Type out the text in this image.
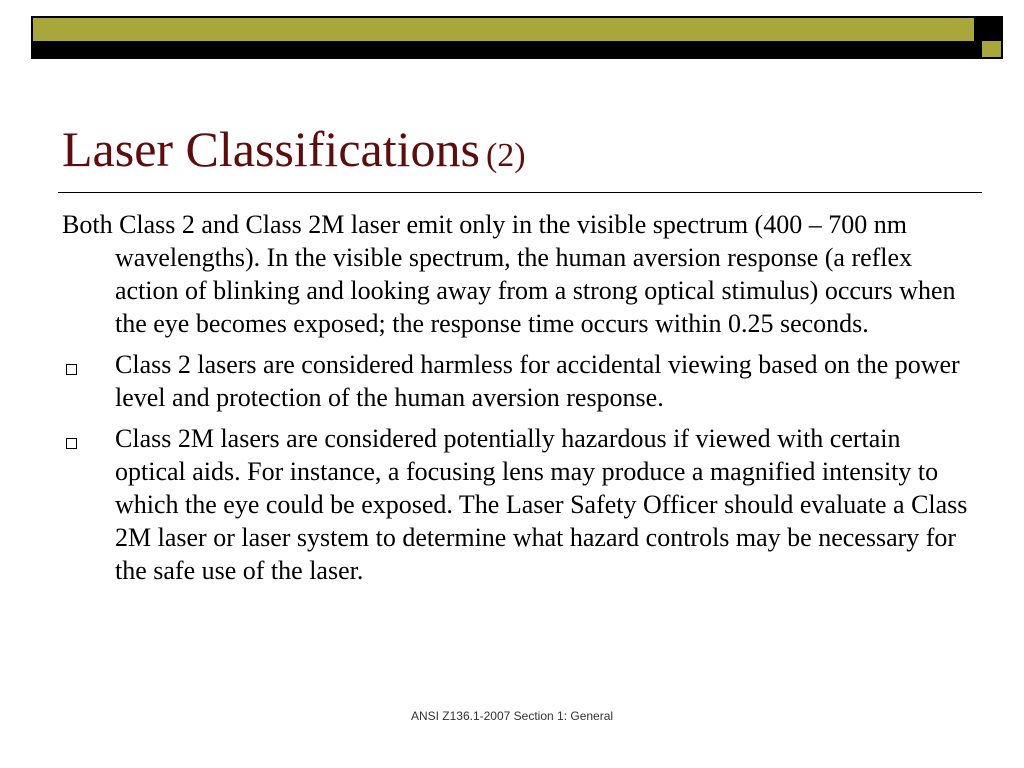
Laser Classifications (2)

Both Class 2 and Class 2M laser emit only in the visible spectrum (400 – 700 nm wavelengths). In the visible spectrum, the human aversion response (a reflex action of blinking and looking away from a strong optical stimulus) occurs when the eye becomes exposed; the response time occurs within 0.25 seconds.

Class 2 lasers are considered harmless for accidental viewing based on the power level and protection of the human aversion response.
Class 2M lasers are considered potentially hazardous if viewed with certain optical aids. For instance, a focusing lens may produce a magnified intensity to which the eye could be exposed. The Laser Safety Officer should evaluate a Class 2M laser or laser system to determine what hazard controls may be necessary for the safe use of the laser.
ANSI Z136.1-2007 Section 1: General
